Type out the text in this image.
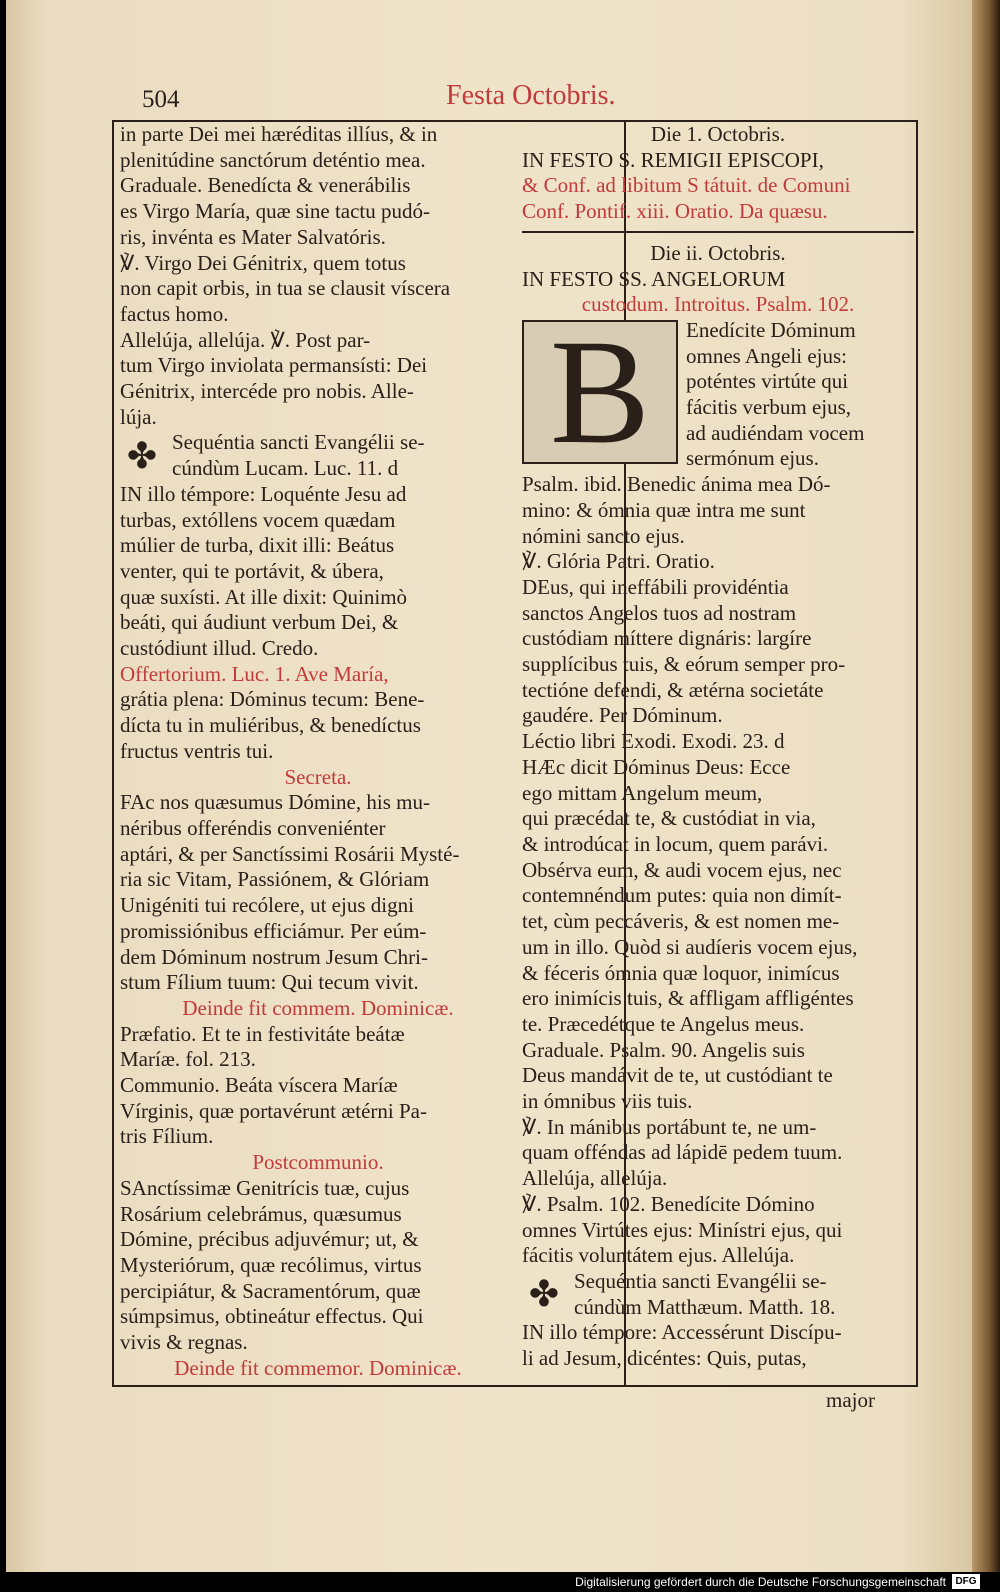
504	Festa Octobris.
in parte Dei mei hæréditas illíus, & in
plenitúdine sanctórum deténtio mea.
Graduale. Benedícta & venerábilis
es Virgo María, quæ sine tactu pudó-
ris, invénta es Mater Salvatóris.
℣. Virgo Dei Génitrix, quem totus
non capit orbis, in tua se clausit víscera
factus homo.
Allelúja, allelúja. ℣. Post par-
tum Virgo inviolata permansísti: Dei
Génitrix, intercéde pro nobis. Alle-
lúja.
✤ Sequéntia sancti Evangélii se-
cúndùm Lucam. Luc. 11. d
IN illo témpore: Loquénte Jesu ad
turbas, extóllens vocem quædam
múlier de turba, dixit illi: Beátus
venter, qui te portávit, & úbera,
quæ suxísti. At ille dixit: Quinimò
beáti, qui áudiunt verbum Dei, &
custódiunt illud. Credo.
Offertorium. Luc. 1. Ave María,
grátia plena: Dóminus tecum: Bene-
dícta tu in muliéribus, & benedíctus
fructus ventris tui.
Secreta.
FAc nos quæsumus Dómine, his mu-
néribus offeréndis conveniénter
aptári, & per Sanctíssimi Rosárii Mysté-
ria sic Vitam, Passiónem, & Glóriam
Unigéniti tui recólere, ut ejus digni
promissiónibus efficiámur. Per eúm-
dem Dóminum nostrum Jesum Chri-
stum Fílium tuum: Qui tecum vivit.
Deinde fit commem. Dominicæ.
Præfatio. Et te in festivitáte beátæ
Maríæ. fol. 213.
Communio. Beáta víscera Maríæ
Vírginis, quæ portavérunt ætérni Pa-
tris Fílium.
Postcommunio.
SAnctíssimæ Genitrícis tuæ, cujus
Rosárium celebrámus, quæsumus
Dómine, précibus adjuvémur; ut, &
Mysteriórum, quæ recólimus, virtus
percipiátur, & Sacramentórum, quæ
súmpsimus, obtineátur effectus. Qui
vivis & regnas.
Deinde fit commemor. Dominicæ.
Die 1. Octobris.
IN FESTO S. REMIGII EPISCOPI,
& Conf. ad libitum S tátuit. de Comuni
Conf. Pontif. xiii. Oratio. Da quæsu.
Die ii. Octobris.
IN FESTO SS. ANGELORUM
custodum. Introitus. Psalm. 102.
B	Enedícite Dóminum
omnes Angeli ejus:
poténtes virtúte qui
fácitis verbum ejus,
ad audiéndam vocem
sermónum ejus.
Psalm. ibid. Benedic ánima mea Dó-
mino: & ómnia quæ intra me sunt
nómini sancto ejus.
℣. Glória Patri. Oratio.
DEus, qui ineffábili providéntia
sanctos Angelos tuos ad nostram
custódiam míttere dignáris: largíre
supplícibus tuis, & eórum semper pro-
tectióne defendi, & ætérna societáte
gaudére. Per Dóminum.
Léctio libri Exodi. Exodi. 23. d
HÆc dicit Dóminus Deus: Ecce
ego mittam Angelum meum,
qui præcédat te, & custódiat in via,
& introdúcat in locum, quem parávi.
Obsérva eum, & audi vocem ejus, nec
contemnéndum putes: quia non dimít-
tet, cùm peccáveris, & est nomen me-
um in illo. Quòd si audíeris vocem ejus,
& féceris ómnia quæ loquor, inimícus
ero inimícis tuis, & affligam affligéntes
te. Præcedétque te Angelus meus.
Graduale. Psalm. 90. Angelis suis
Deus mandávit de te, ut custódiant te
in ómnibus viis tuis.
℣. In mánibus portábunt te, ne um-
quam offéndas ad lápidē pedem tuum.
Allelúja, allelúja.
℣. Psalm. 102. Benedícite Dómino
omnes Virtútes ejus: Minístri ejus, qui
fácitis voluntátem ejus. Allelúja.
✤ Sequéntia sancti Evangélii se-
cúndùm Matthæum. Matth. 18.
IN illo témpore: Accessérunt Discípu-
li ad Jesum, dicéntes: Quis, putas,
major
Digitalisierung gefördert durch die Deutsche Forschungsgemeinschaft DFG
